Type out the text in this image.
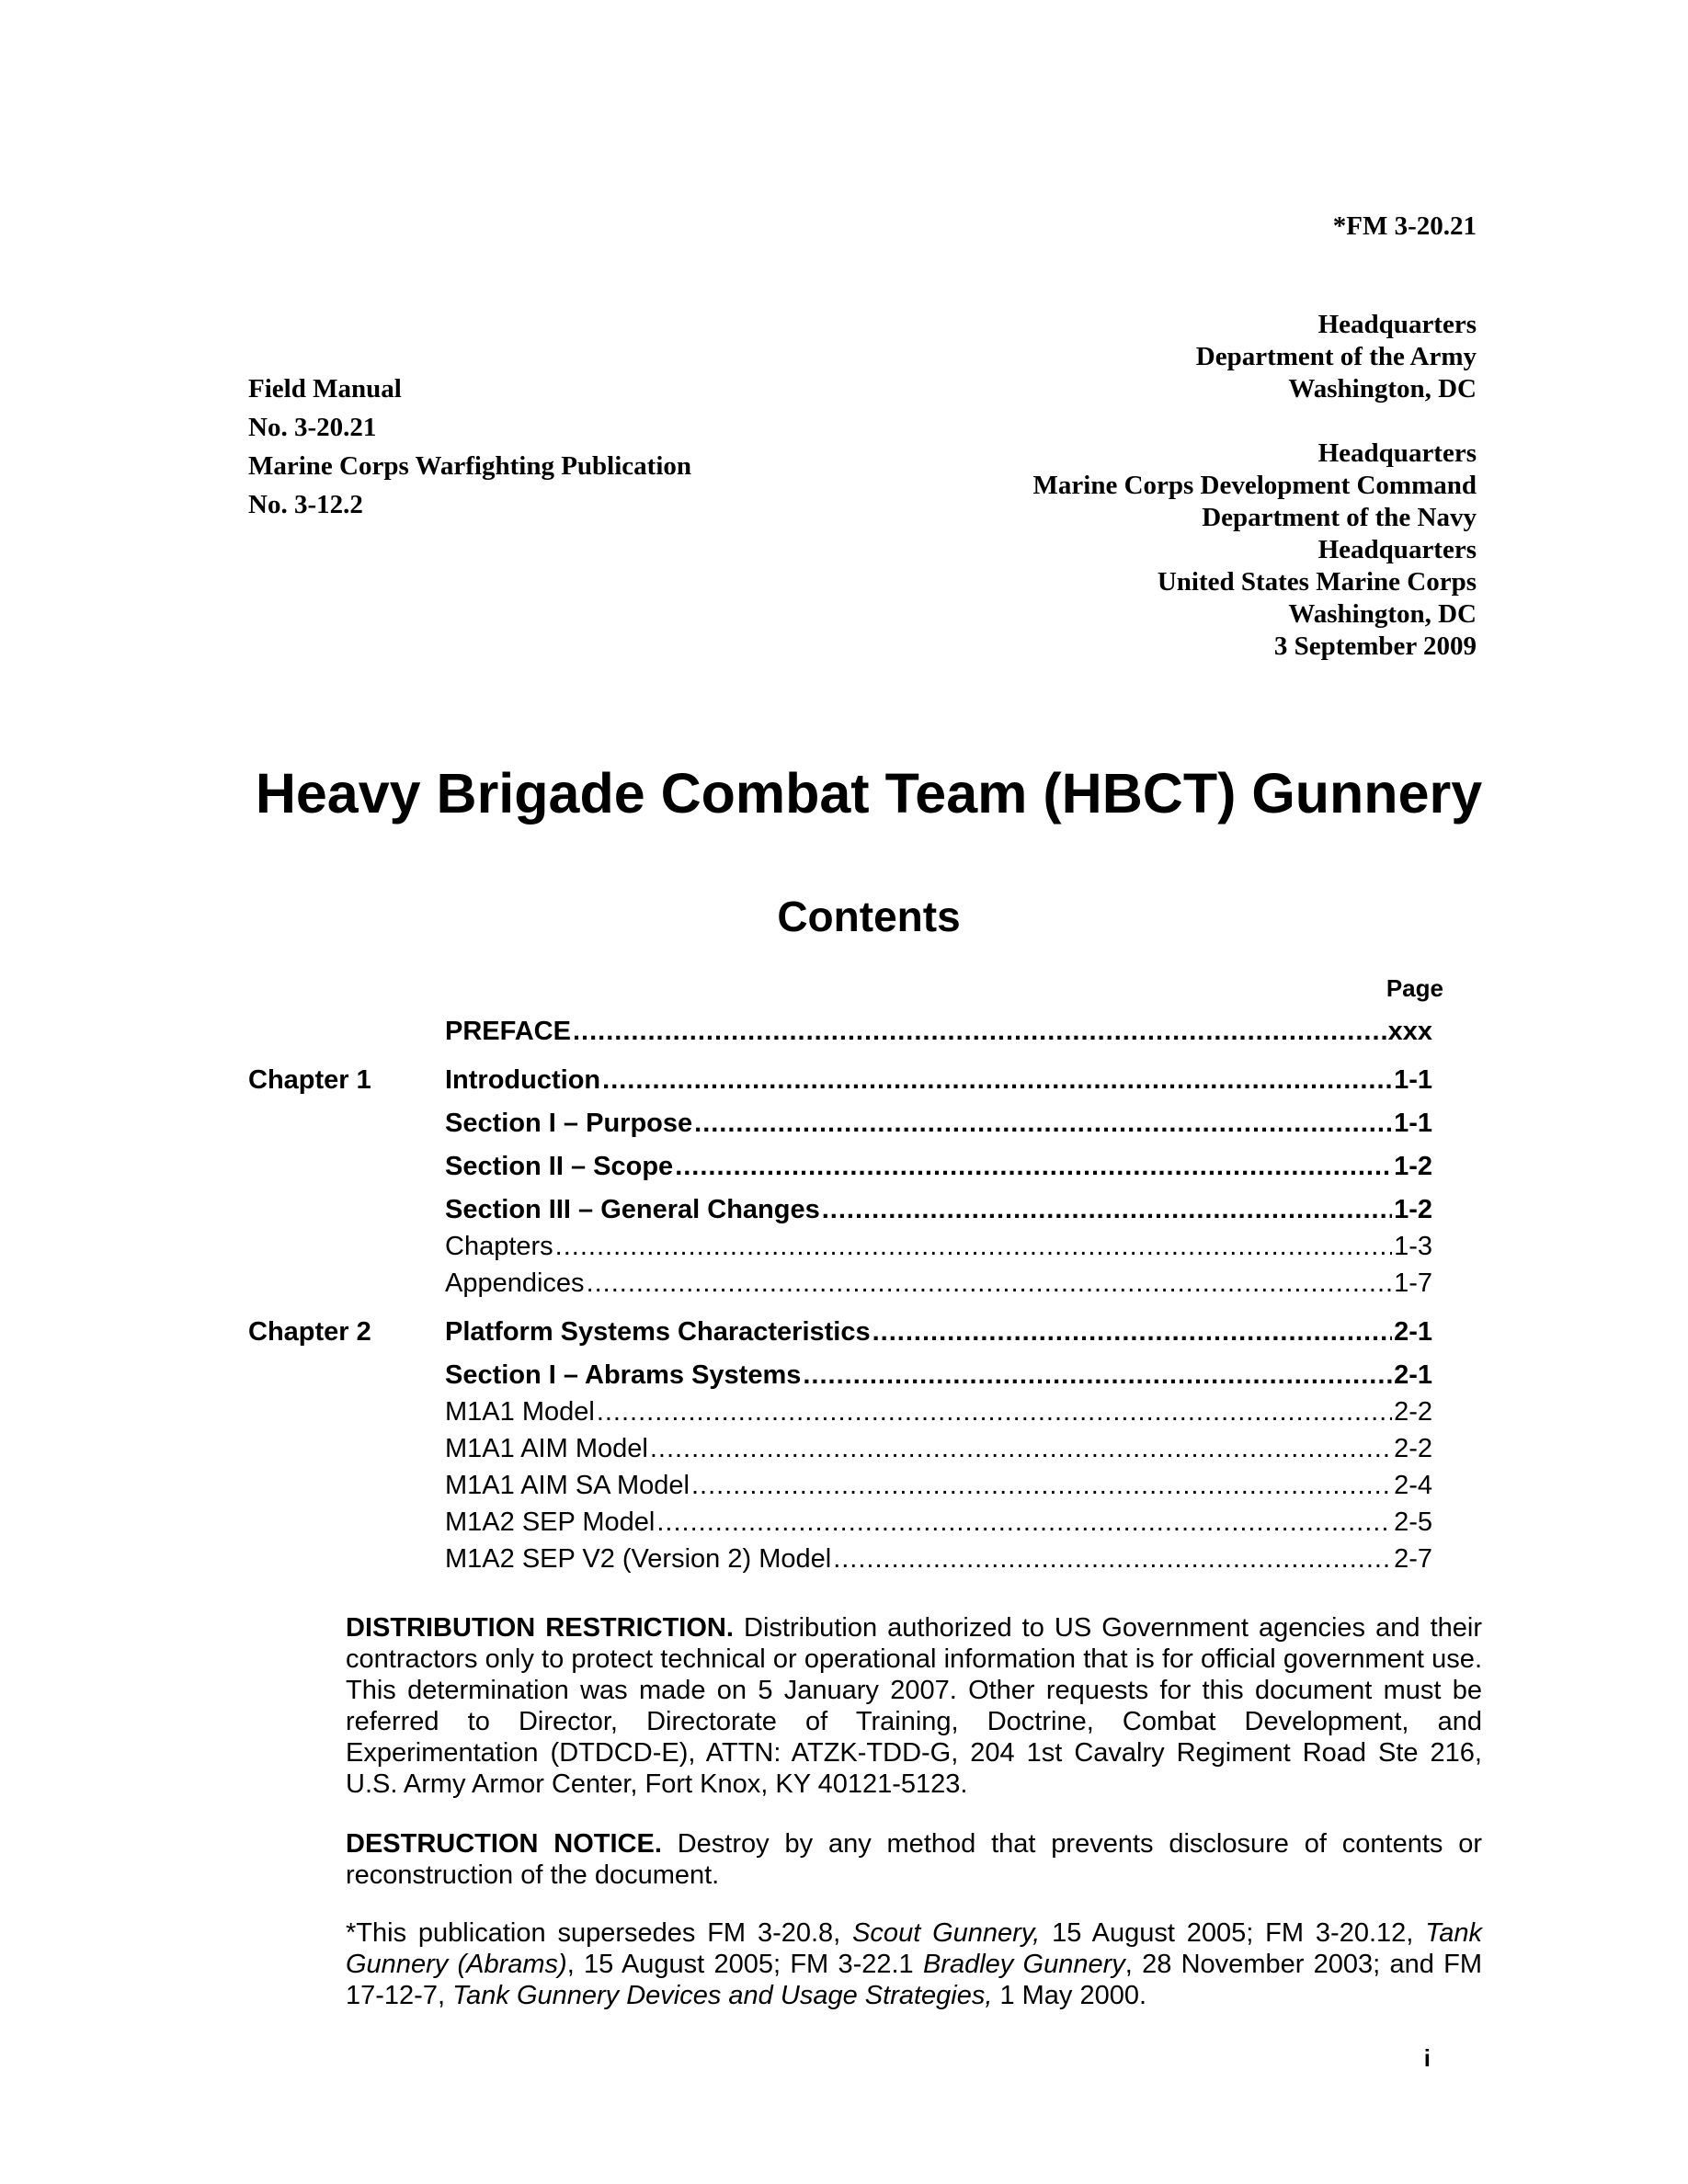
*FM 3-20.21
Field Manual
No. 3-20.21
Marine Corps Warfighting Publication
No. 3-12.2
Headquarters
Department of the Army
Washington, DC
Headquarters
Marine Corps Development Command
Department of the Navy
Headquarters
United States Marine Corps
Washington, DC
3 September 2009
Heavy Brigade Combat Team (HBCT) Gunnery
Contents
Page
PREFACE .....	xxx
Chapter 1	Introduction .....	1-1
Section I – Purpose .....	1-1
Section II – Scope .....	1-2
Section III – General Changes .....	1-2
Chapters .....	1-3
Appendices .....	1-7
Chapter 2	Platform Systems Characteristics .....	2-1
Section I – Abrams Systems .....	2-1
M1A1 Model .....	2-2
M1A1 AIM Model .....	2-2
M1A1 AIM SA Model .....	2-4
M1A2 SEP Model .....	2-5
M1A2 SEP V2 (Version 2) Model .....	2-7

DISTRIBUTION RESTRICTION. Distribution authorized to US Government agencies and their contractors only to protect technical or operational information that is for official government use. This determination was made on 5 January 2007. Other requests for this document must be referred to Director, Directorate of Training, Doctrine, Combat Development, and Experimentation (DTDCD-E), ATTN: ATZK-TDD-G, 204 1st Cavalry Regiment Road Ste 216, U.S. Army Armor Center, Fort Knox, KY 40121-5123.

DESTRUCTION NOTICE. Destroy by any method that prevents disclosure of contents or reconstruction of the document.

*This publication supersedes FM 3-20.8, Scout Gunnery, 15 August 2005; FM 3-20.12, Tank Gunnery (Abrams), 15 August 2005; FM 3-22.1 Bradley Gunnery, 28 November 2003; and FM 17-12-7, Tank Gunnery Devices and Usage Strategies, 1 May 2000.

i
